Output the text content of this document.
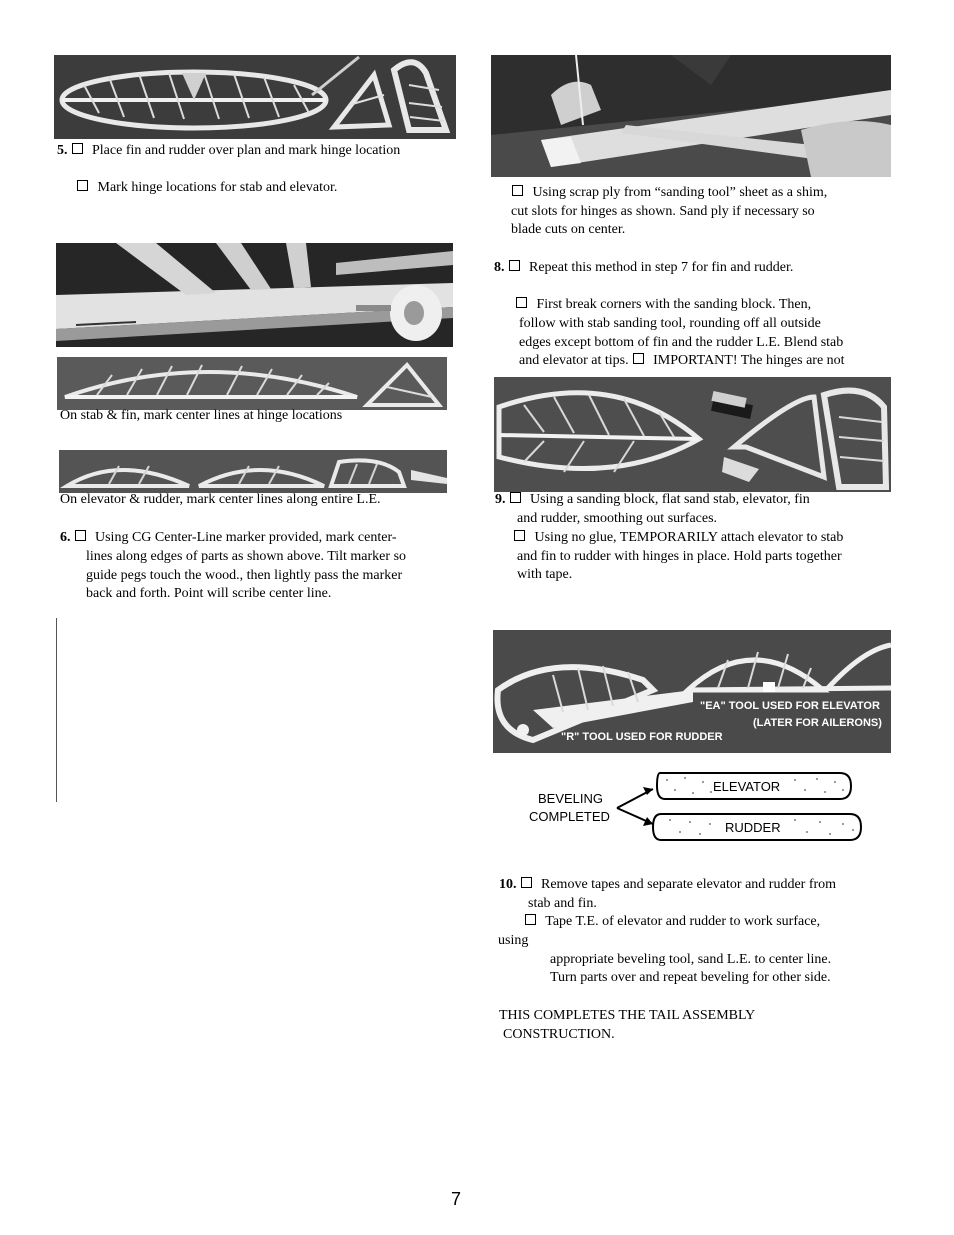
5. Place fin and rudder over plan and mark hinge location
Mark hinge locations for stab and elevator.
On stab & fin, mark center lines at hinge locations
On elevator & rudder, mark center lines along entire L.E.
6. Using CG Center-Line marker provided, mark center-
lines along edges of parts as shown above. Tilt marker so
guide pegs touch the wood., then lightly pass the marker
back and forth. Point will scribe center line.
Using scrap ply from “sanding tool” sheet as a shim,
cut slots for hinges as shown. Sand ply if necessary so
blade cuts on center.
8. Repeat this method in step 7 for fin and rudder.
First break corners with the sanding block. Then,
follow with stab sanding tool, rounding off all outside
edges except bottom of fin and the rudder L.E. Blend stab
and elevator at tips. IMPORTANT! The hinges are not
9. Using a sanding block, flat sand stab, elevator, fin
and rudder, smoothing out surfaces.
Using no glue, TEMPORARILY attach elevator to stab
and fin to rudder with hinges in place. Hold parts together
with tape.
"EA" TOOL USED FOR ELEVATOR
(LATER FOR AILERONS)
"R" TOOL USED FOR RUDDER
BEVELING
COMPLETED
ELEVATOR
RUDDER
10. Remove tapes and separate elevator and rudder from
stab and fin.
Tape T.E. of elevator and rudder to work surface,
using
appropriate beveling tool, sand L.E. to center line.
Turn parts over and repeat beveling for other side.
THIS COMPLETES THE TAIL ASSEMBLY
CONSTRUCTION.
7
